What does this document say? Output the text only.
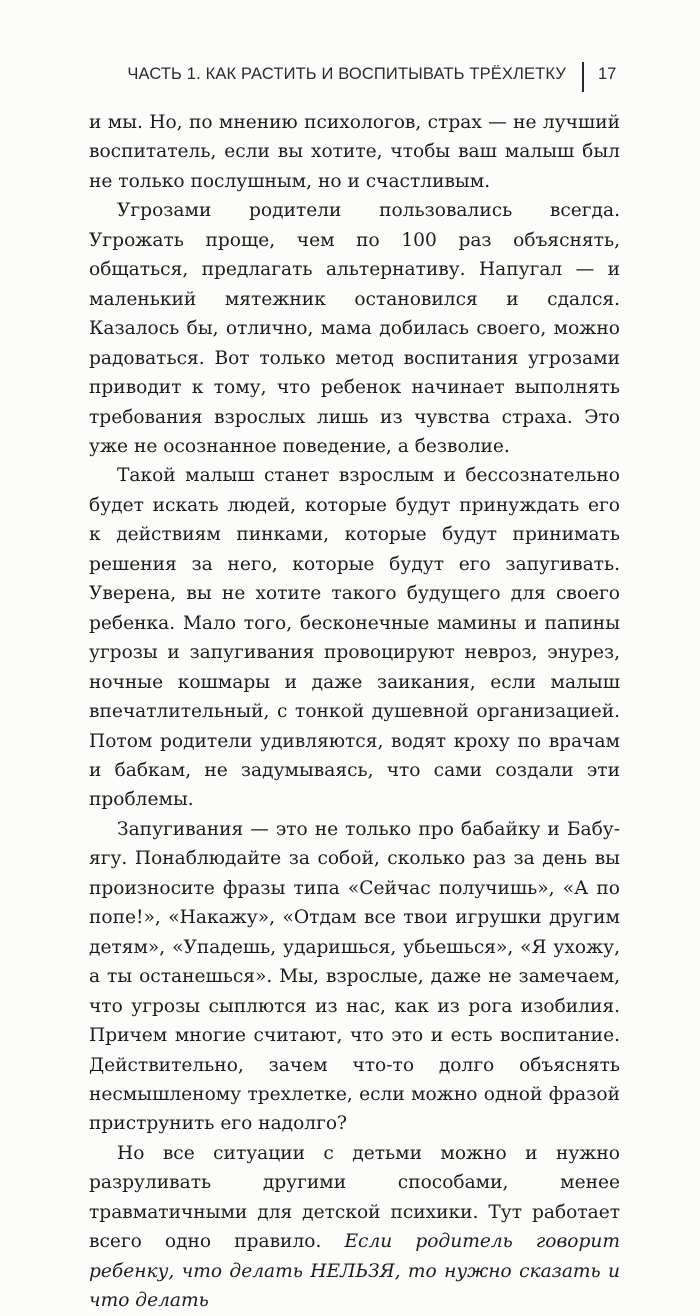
ЧАСТЬ 1. КАК РАСТИТЬ И ВОСПИТЫВАТЬ ТРЁХЛЕТКУ 17

и мы. Но, по мнению психологов, страх — не лучший воспитатель, если вы хотите, чтобы ваш малыш был не только послушным, но и счастливым.

Угрозами родители пользовались всегда. Угрожать проще, чем по 100 раз объяснять, общаться, предлагать альтернативу. Напугал — и маленький мятежник остановился и сдался. Казалось бы, отлично, мама добилась своего, можно радоваться. Вот только метод воспитания угрозами приводит к тому, что ребенок начинает выполнять требования взрослых лишь из чувства страха. Это уже не осознанное поведение, а безволие.

Такой малыш станет взрослым и бессознательно будет искать людей, которые будут принуждать его к действиям пинками, которые будут принимать решения за него, которые будут его запугивать. Уверена, вы не хотите такого будущего для своего ребенка. Мало того, бесконечные мамины и папины угрозы и запугивания провоцируют невроз, энурез, ночные кошмары и даже заикания, если малыш впечатлительный, с тонкой душевной организацией. Потом родители удивляются, водят кроху по врачам и бабкам, не задумываясь, что сами создали эти проблемы.

Запугивания — это не только про бабайку и Бабу-ягу. Понаблюдайте за собой, сколько раз за день вы произносите фразы типа «Сейчас получишь», «А по попе!», «Накажу», «Отдам все твои игрушки другим детям», «Упадешь, ударишься, убьешься», «Я ухожу, а ты останешься». Мы, взрослые, даже не замечаем, что угрозы сыплются из нас, как из рога изобилия. Причем многие считают, что это и есть воспитание. Действительно, зачем что-то долго объяснять несмышленому трехлетке, если можно одной фразой приструнить его надолго?

Но все ситуации с детьми можно и нужно разруливать другими способами, менее травматичными для детской психики. Тут работает всего одно правило. Если родитель говорит ребенку, что делать НЕЛЬЗЯ, то нужно сказать и что делать
